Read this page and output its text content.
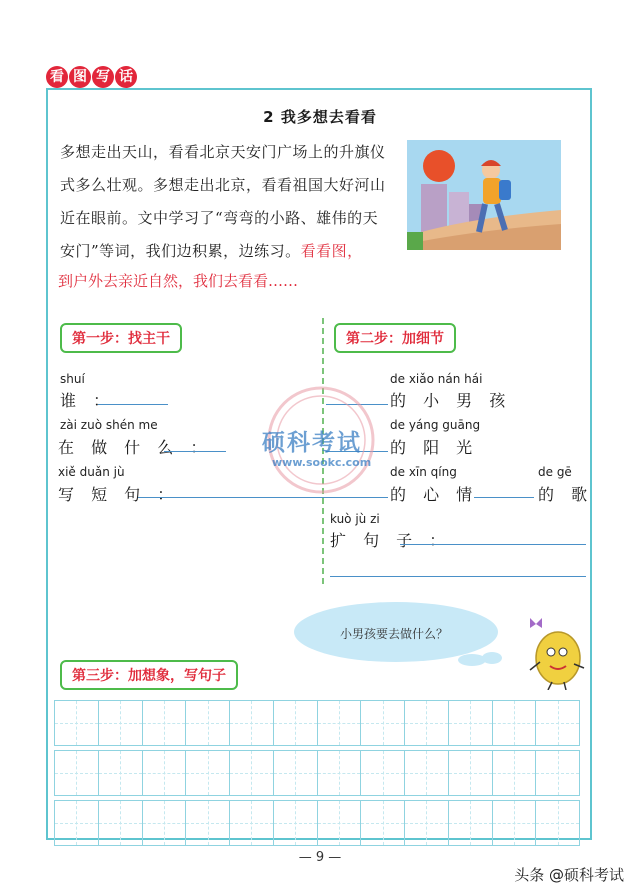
看 图 写 话
2 我多想去看看
多想走出天山，看看北京天安门广场上的升旗仪式多么壮观。多想走出北京，看看祖国大好河山近在眼前。文中学习了“弯弯的小路、雄伟的天安门”等词，我们边积累，边练习。看看图，
到户外去亲近自然，我们去看看……
第一步：找主干
shuí
谁 ：
zài zuò shén me
在 做 什 么 ：
xiě duǎn jù
写 短 句 ：
第二步：加细节
de xiǎo nán hái
的 小 男 孩
de yáng guāng
的 阳 光
de xīn qíng
的 心 情
de gē
的 歌
kuò jù zi
扩 句 子 ：
硕科考试
www.sookc.com
小男孩要去做什么？
第三步：加想象，写句子
— 9 —
头条 @硕科考试
